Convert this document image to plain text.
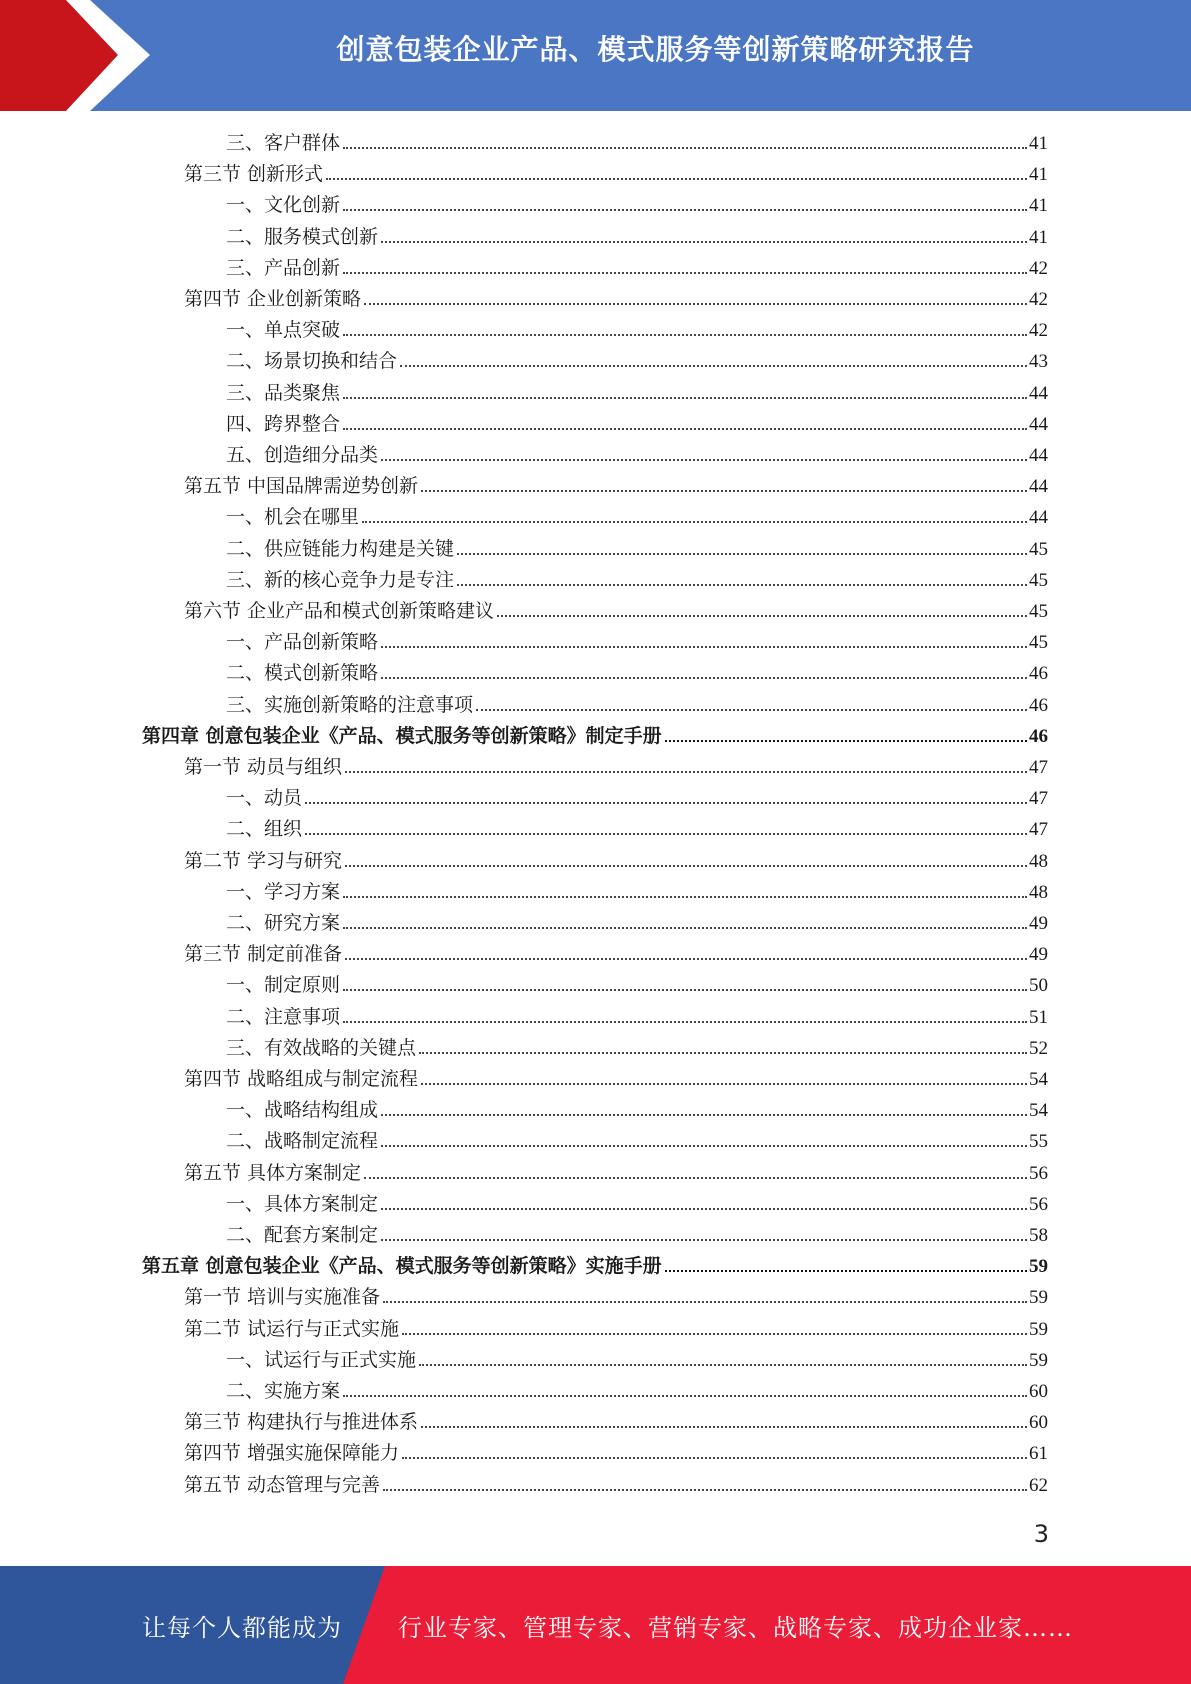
创意包装企业产品、模式服务等创新策略研究报告
三、客户群体	41
第三节 创新形式	41
一、文化创新	41
二、服务模式创新	41
三、产品创新	42
第四节 企业创新策略	42
一、单点突破	42
二、场景切换和结合	43
三、品类聚焦	44
四、跨界整合	44
五、创造细分品类	44
第五节 中国品牌需逆势创新	44
一、机会在哪里	44
二、供应链能力构建是关键	45
三、新的核心竞争力是专注	45
第六节 企业产品和模式创新策略建议	45
一、产品创新策略	45
二、模式创新策略	46
三、实施创新策略的注意事项	46
第四章 创意包装企业《产品、模式服务等创新策略》制定手册	46
第一节 动员与组织	47
一、动员	47
二、组织	47
第二节 学习与研究	48
一、学习方案	48
二、研究方案	49
第三节 制定前准备	49
一、制定原则	50
二、注意事项	51
三、有效战略的关键点	52
第四节 战略组成与制定流程	54
一、战略结构组成	54
二、战略制定流程	55
第五节 具体方案制定	56
一、具体方案制定	56
二、配套方案制定	58
第五章 创意包装企业《产品、模式服务等创新策略》实施手册	59
第一节 培训与实施准备	59
第二节 试运行与正式实施	59
一、试运行与正式实施	59
二、实施方案	60
第三节 构建执行与推进体系	60
第四节 增强实施保障能力	61
第五节 动态管理与完善	62
3
让每个人都能成为 行业专家、管理专家、营销专家、战略专家、成功企业家……
